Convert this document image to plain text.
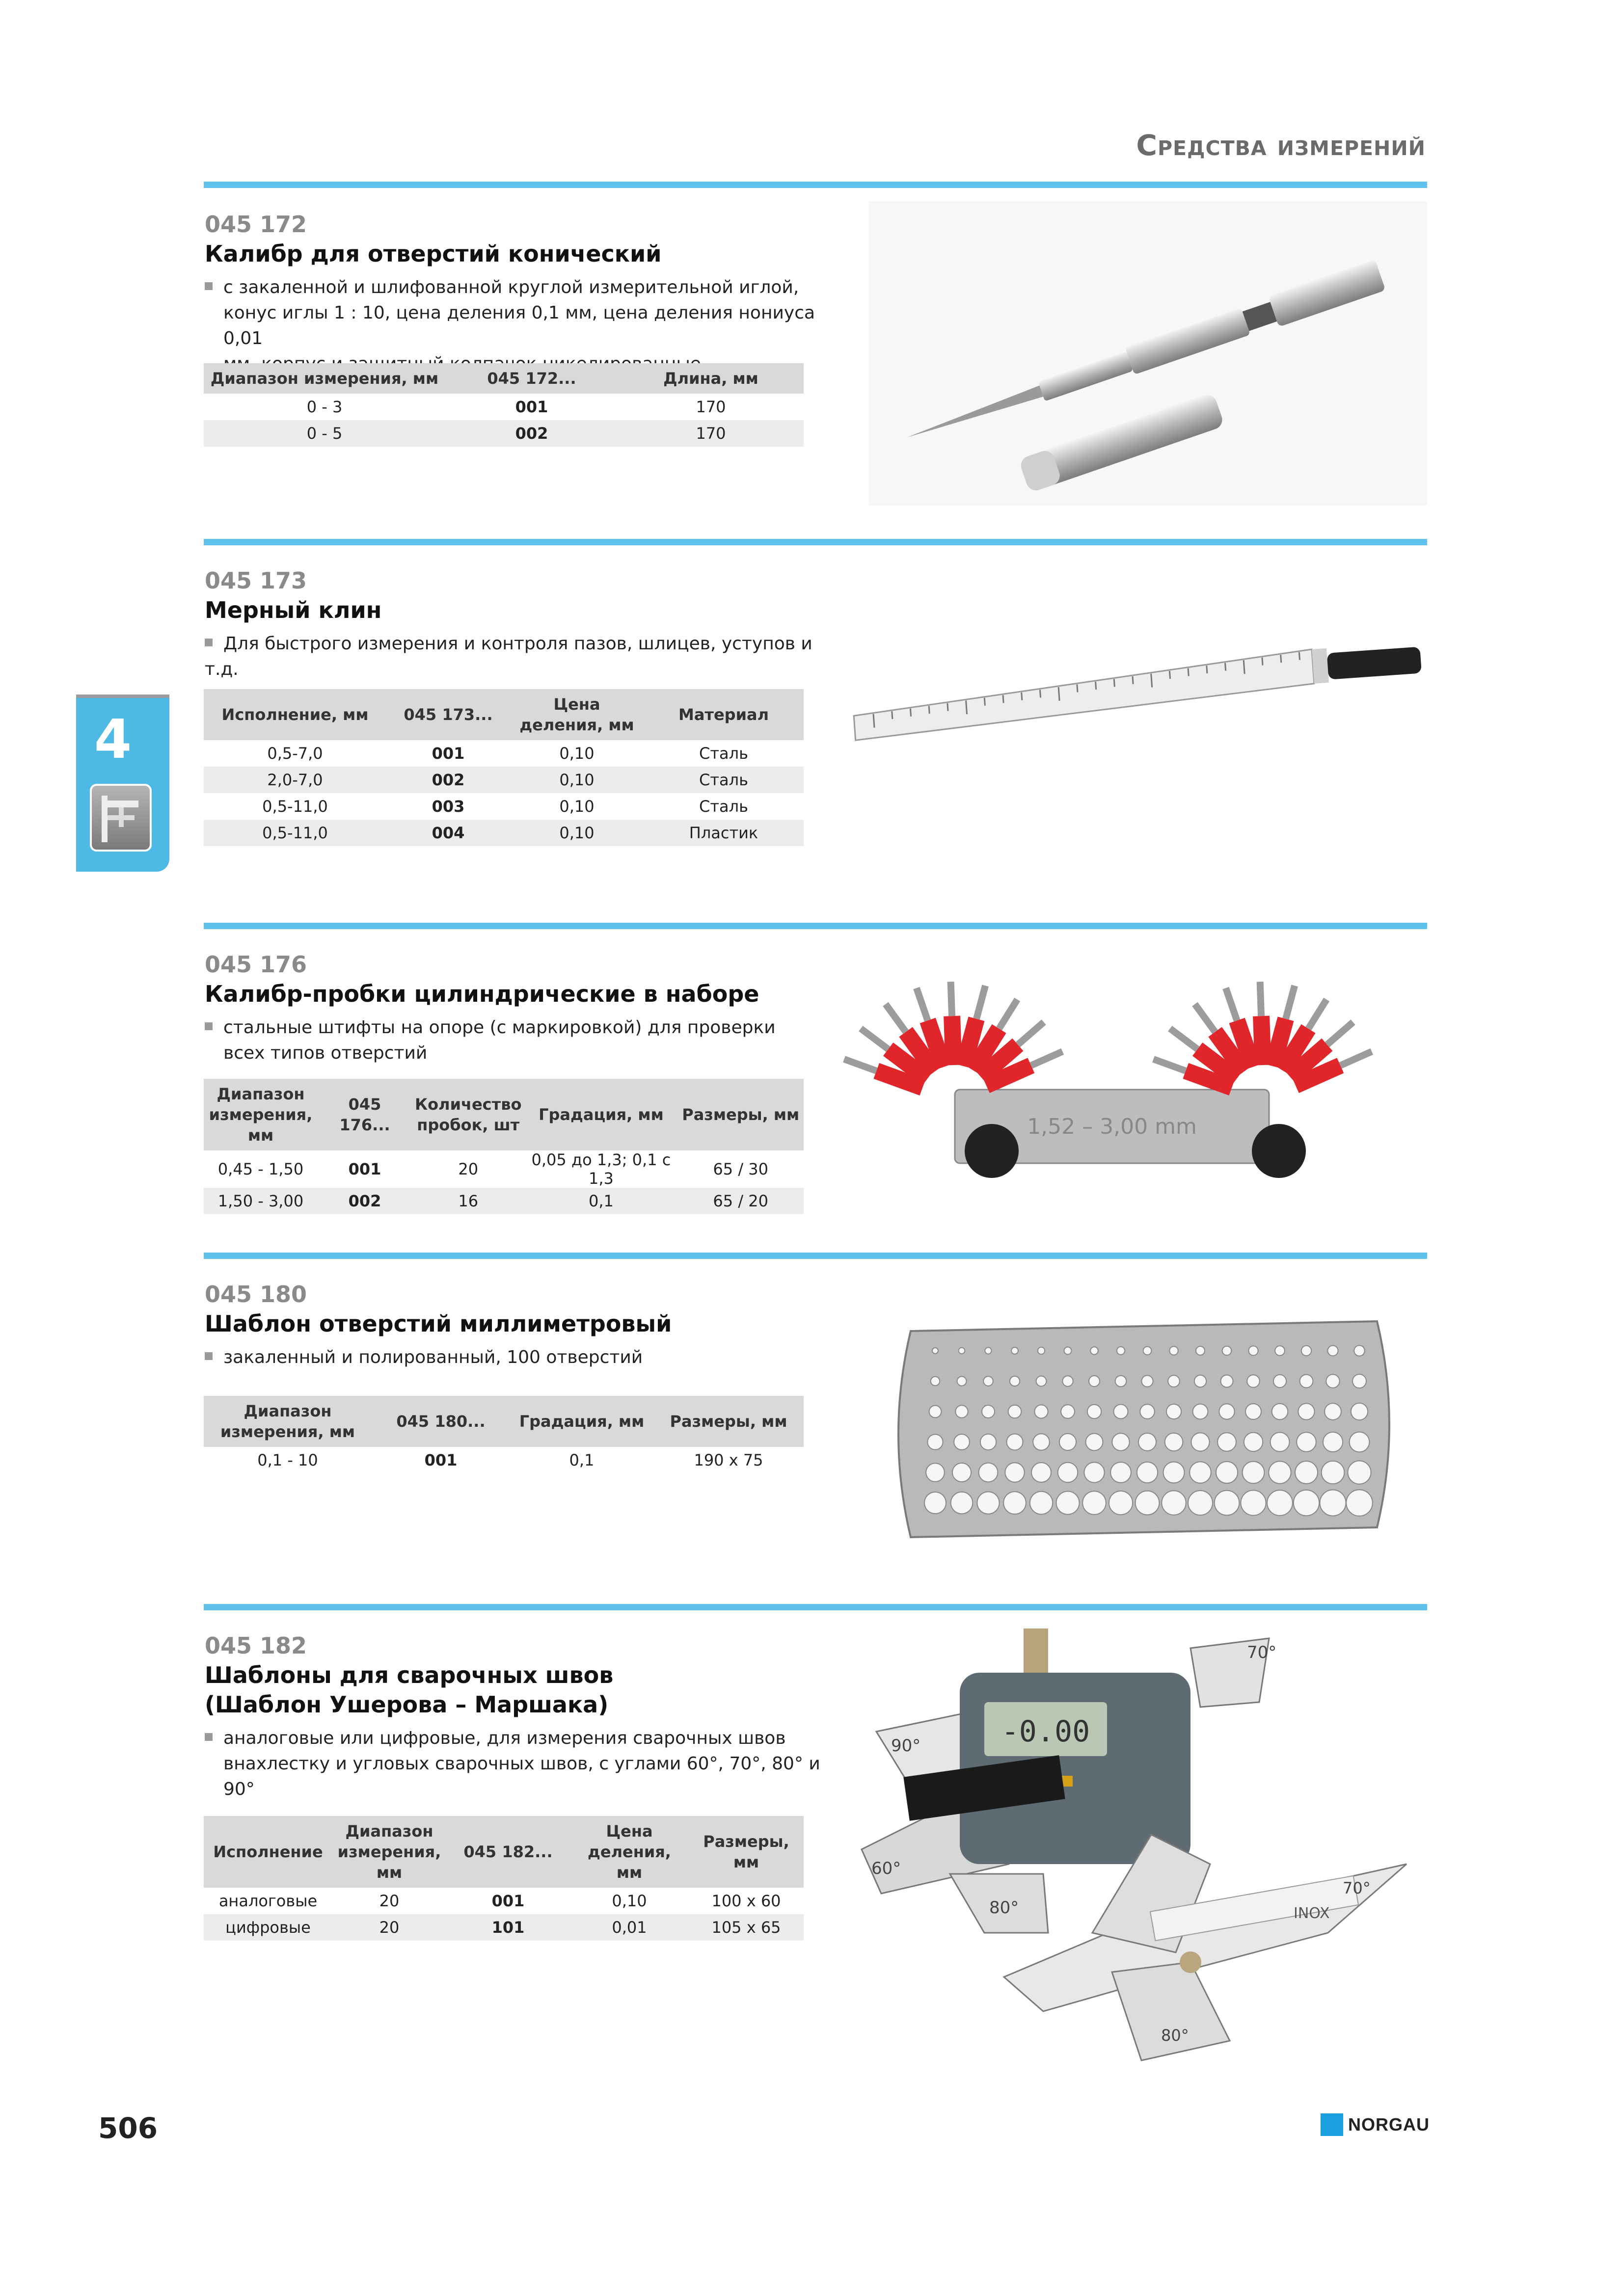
Средства измерений
4
045 172
Калибр для отверстий конический
с закаленной и шлифованной круглой измерительной иглой,
конус иглы 1 : 10, цена деления 0,1 мм, цена деления нониуса 0,01
Диапазон измерения, мм	045 172...	Длина, мм
0 - 3	001	170
0 - 5	002	170
045 173
Мерный клин
Для быстрого измерения и контроля пазов, шлицев, уступов и т.д.
Исполнение, мм	045 173...	Цена деления, мм	Материал
0,5-7,0	001	0,10	Сталь
2,0-7,0	002	0,10	Сталь
0,5-11,0	003	0,10	Сталь
0,5-11,0	004	0,10	Пластик
045 176
Калибр-пробки цилиндрические в наборе
стальные штифты на опоре (с маркировкой) для проверки
всех типов отверстий
Диапазон измерения, мм	045 176...	Количество пробок, шт	Градация, мм	Размеры, мм
0,45 - 1,50	001	20	0,05 до 1,3; 0,1 с 1,3	65 / 30
1,50 - 3,00	002	16	0,1	65 / 20
1,52 – 3,00 mm
045 180
Шаблон отверстий миллиметровый
закаленный и полированный, 100 отверстий
Диапазон измерения, мм	045 180...	Градация, мм	Размеры, мм
0,1 - 10	001	0,1	190 x 75
045 182
Шаблоны для сварочных швов
(Шаблон Ушерова – Маршака)
аналоговые или цифровые, для измерения сварочных швов
внахлестку и угловых сварочных швов, с углами 60°, 70°, 80° и 90°
Исполнение	Диапазон измерения, мм	045 182...	Цена деления, мм	Размеры, мм
аналоговые	20	001	0,10	100 x 60
цифровые	20	101	0,01	105 x 65
-0.00
70°
90°
60°
80°	INOX
70°
80°
506	NORGAU
